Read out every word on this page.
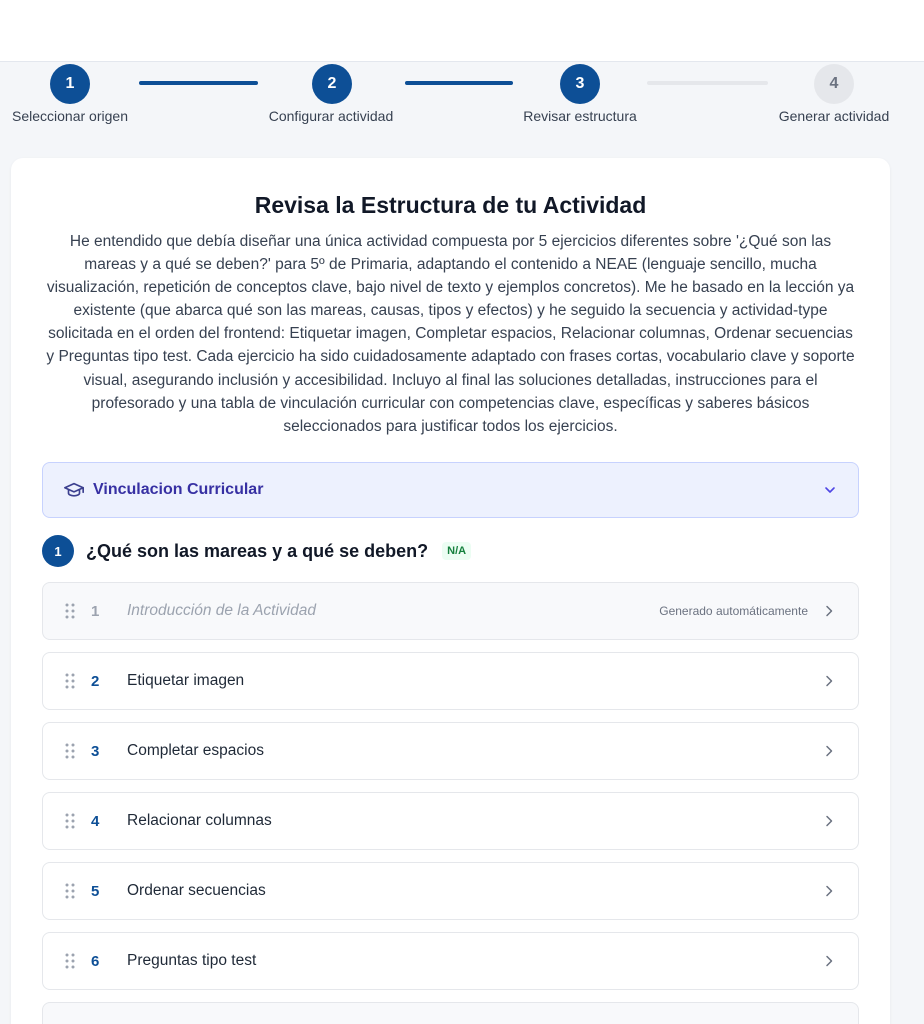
1	2	3	4
Seleccionar origen	Configurar actividad	Revisar estructura	Generar actividad
Revisa la Estructura de tu Actividad
He entendido que debía diseñar una única actividad compuesta por 5 ejercicios diferentes sobre '¿Qué son las mareas y a qué se deben?' para 5º de Primaria, adaptando el contenido a NEAE (lenguaje sencillo, mucha visualización, repetición de conceptos clave, bajo nivel de texto y ejemplos concretos). Me he basado en la lección ya existente (que abarca qué son las mareas, causas, tipos y efectos) y he seguido la secuencia y actividad-type solicitada en el orden del frontend: Etiquetar imagen, Completar espacios, Relacionar columnas, Ordenar secuencias y Preguntas tipo test. Cada ejercicio ha sido cuidadosamente adaptado con frases cortas, vocabulario clave y soporte visual, asegurando inclusión y accesibilidad. Incluyo al final las soluciones detalladas, instrucciones para el profesorado y una tabla de vinculación curricular con competencias clave, específicas y saberes básicos seleccionados para justificar todos los ejercicios.
Vinculacion Curricular
1	¿Qué son las mareas y a qué se deben?	N/A
1	Introducción de la Actividad	Generado automáticamente
2	Etiquetar imagen
3	Completar espacios
4	Relacionar columnas
5	Ordenar secuencias
6	Preguntas tipo test
